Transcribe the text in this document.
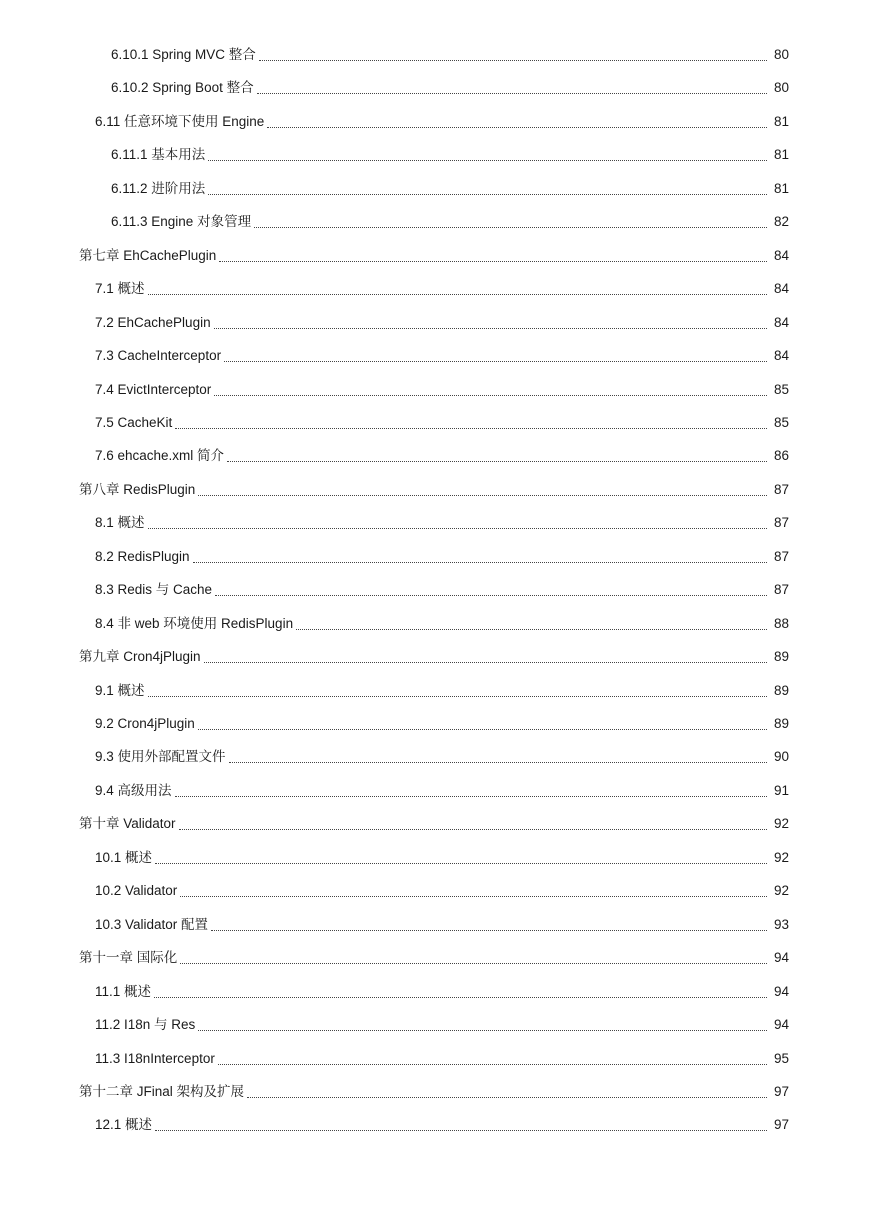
6.10.1 Spring MVC 整合	80
6.10.2 Spring Boot 整合	80
6.11 任意环境下使用 Engine	81
6.11.1 基本用法	81
6.11.2 进阶用法	81
6.11.3 Engine 对象管理	82
第七章 EhCachePlugin	84
7.1 概述	84
7.2 EhCachePlugin	84
7.3 CacheInterceptor	84
7.4 EvictInterceptor	85
7.5 CacheKit	85
7.6 ehcache.xml 简介	86
第八章 RedisPlugin	87
8.1 概述	87
8.2 RedisPlugin	87
8.3 Redis 与 Cache	87
8.4 非 web 环境使用 RedisPlugin	88
第九章 Cron4jPlugin	89
9.1 概述	89
9.2 Cron4jPlugin	89
9.3 使用外部配置文件	90
9.4 高级用法	91
第十章 Validator	92
10.1 概述	92
10.2 Validator	92
10.3 Validator 配置	93
第十一章 国际化	94
11.1 概述	94
11.2 I18n 与 Res	94
11.3 I18nInterceptor	95
第十二章 JFinal 架构及扩展	97
12.1 概述	97
